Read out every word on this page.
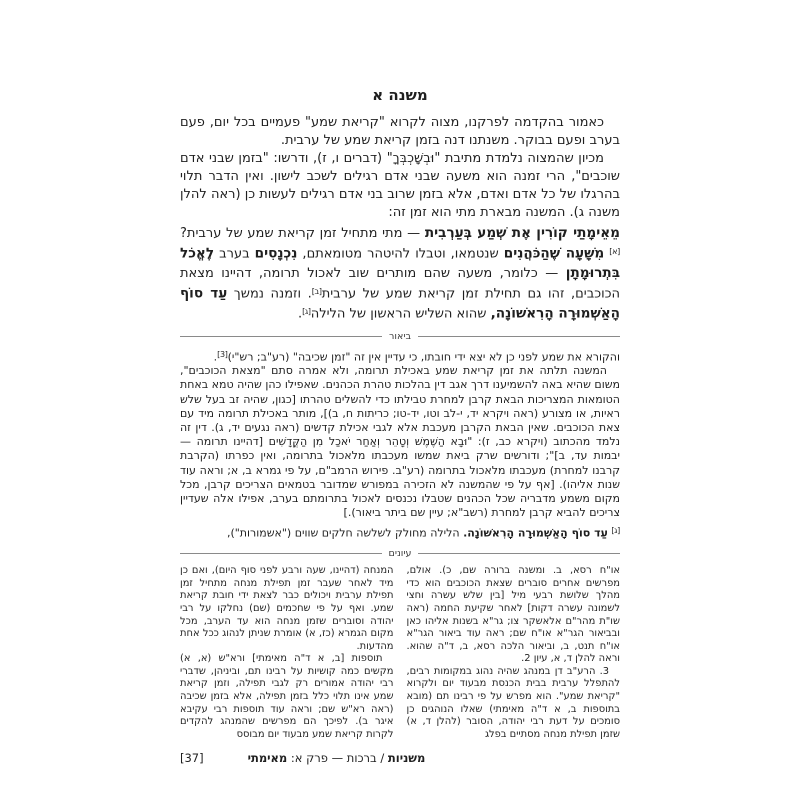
משנה א

כאמור בהקדמה לפרקנו, מצוה לקרוא "קריאת שמע" פעמיים בכל יום, פעם בערב ופעם בבוקר. משנתנו דנה בזמן קריאת שמע של ערבית.

מכיון שהמצוה נלמדת מתיבת "וּבְשָׁכְבְּךָ" (דברים ו, ז), ודרשו: "בזמן שבני אדם שוכבים", הרי זמנה הוא משעה שבני אדם רגילים לשכב לישון. ואין הדבר תלוי בהרגלו של כל אדם ואדם, אלא בזמן שרוב בני אדם רגילים לעשות כן (ראה להלן משנה ג). המשנה מבארת מתי הוא זמן זה:

מֵאֵימָתַי קוֹרִין אֶת שְׁמַע בְּעַרְבִית — מתי מתחיל זמן קריאת שמע של ערבית?[א] מִשָּׁעָה שֶׁהַכֹּהֲנִים שנטמאו, וטבלו להיטהר מטומאתם, נִכְנָסִים בערב לֶאֱכֹל בִּתְרוּמָתָן — כלומר, משעה שהם מותרים שוב לאכול תרומה, דהיינו מצאת הכוכבים, זהו גם תחילת זמן קריאת שמע של ערבית[ב]. וזמנה נמשך עַד סוֹף הָאַשְׁמוּרָה הָרִאשׁוֹנָה, שהוא השליש הראשון של הלילה[ג].

ביאור

והקורא את שמע לפני כן לא יצא ידי חובתו, כי עדיין אין זה "זמן שכיבה" (רע"ב; רש"י)[3].

המשנה תלתה את זמן קריאת שמע באכילת תרומה, ולא אמרה סתם "מצאת הכוכבים", משום שהיא באה להשמיענו דרך אגב דין בהלכות טהרת הכהנים. שאפילו כהן שהיה טמא באחת הטומאות המצריכות הבאת קרבן למחרת טבילתו כדי להשלים טהרתו [כגון, שהיה זב בעל שלש ראיות, או מצורע (ראה ויקרא יד, י-לב וטו, יד-טו; כריתות ח, ב)], מותר באכילת תרומה מיד עם צאת הכוכבים. שאין הבאת הקרבן מעכבת אלא לגבי אכילת קדשים (ראה נגעים יד, ג). דין זה נלמד מהכתוב (ויקרא כב, ז): "וּבָא הַשֶּׁמֶשׁ וְטָהֵר וְאַחַר יֹאכַל מִן הַקֳּדָשִׁים [דהיינו תרומה — יבמות עד, ב]"; ודורשים שרק ביאת שמשו מעכבתו מלאכול בתרומה, ואין כפרתו (הקרבת קרבנו למחרת) מעכבתו מלאכול בתרומה (רע"ב. פירוש הרמב"ם, על פי גמרא ב, א; וראה עוד שנות אליהו). [אף על פי שהמשנה לא הזכירה במפורש שמדובר בטמאים הצריכים קרבן, מכל מקום משמע מדבריה שכל הכהנים שטבלו נכנסים לאכול בתרומתם בערב, אפילו אלה שעדיין צריכים להביא קרבן למחרת (רשב"א; עיין שם ביתר ביאור).]

[ג] עַד סוֹף הָאַשְׁמוּרָה הָרִאשׁוֹנָה. הלילה מחולק לשלשה חלקים שווים ("אשמורות"),

עיונים

או"ח רסא, ב. ומשנה ברורה שם, כ). אולם, מפרשים אחרים סוברים שצאת הכוכבים הוא כדי מהלך שלושת רבעי מיל [בין שלש עשרה וחצי לשמונה עשרה דקות] לאחר שקיעת החמה (ראה שו"ת מהר"ם אלאשקר צו; גר"א בשנות אליהו כאן ובביאור הגר"א או"ח שם; ראה עוד ביאור הגר"א או"ח תנט, ב, וביאור הלכה רסא, ב, ד"ה שהוא. וראה להלן ד, א, עיון 2.

3. הרע"ב דן במנהג שהיה נהוג במקומות רבים, להתפלל ערבית בבית הכנסת מבעוד יום ולקרוא "קריאת שמע". הוא מפרש על פי רבינו תם (מובא בתוספות ב, א ד"ה מאימתי) שאלו הנוהגים כן סומכים על דעת רבי יהודה, הסובר (להלן ד, א) שזמן תפילת מנחה מסתיים בפלג

המנחה (דהיינו, שעה ורבע לפני סוף היום), ואם כן מיד לאחר שעבר זמן תפילת מנחה מתחיל זמן תפילת ערבית ויכולים כבר לצאת ידי חובת קריאת שמע. ואף על פי שחכמים (שם) נחלקו על רבי יהודה וסוברים שזמן מנחה הוא עד הערב, מכל מקום הגמרא (כז, א) אומרת שניתן לנהוג ככל אחת מהדעות.

תוספות [ב, א ד"ה מאימתי] ורא"ש (א, א) מקשים כמה קושיות על רבינו תם, וביניהן, שדברי רבי יהודה אמורים רק לגבי תפילה, וזמן קריאת שמע אינו תלוי כלל בזמן תפילה, אלא בזמן שכיבה (ראה רא"ש שם; וראה עוד תוספות רבי עקיבא איגר ב). לפיכך הם מפרשים שהמנהג להקדים לקרות קריאת שמע מבעוד יום מבוסס

[37]	משניות / ברכות — פרק א: מאימתי
